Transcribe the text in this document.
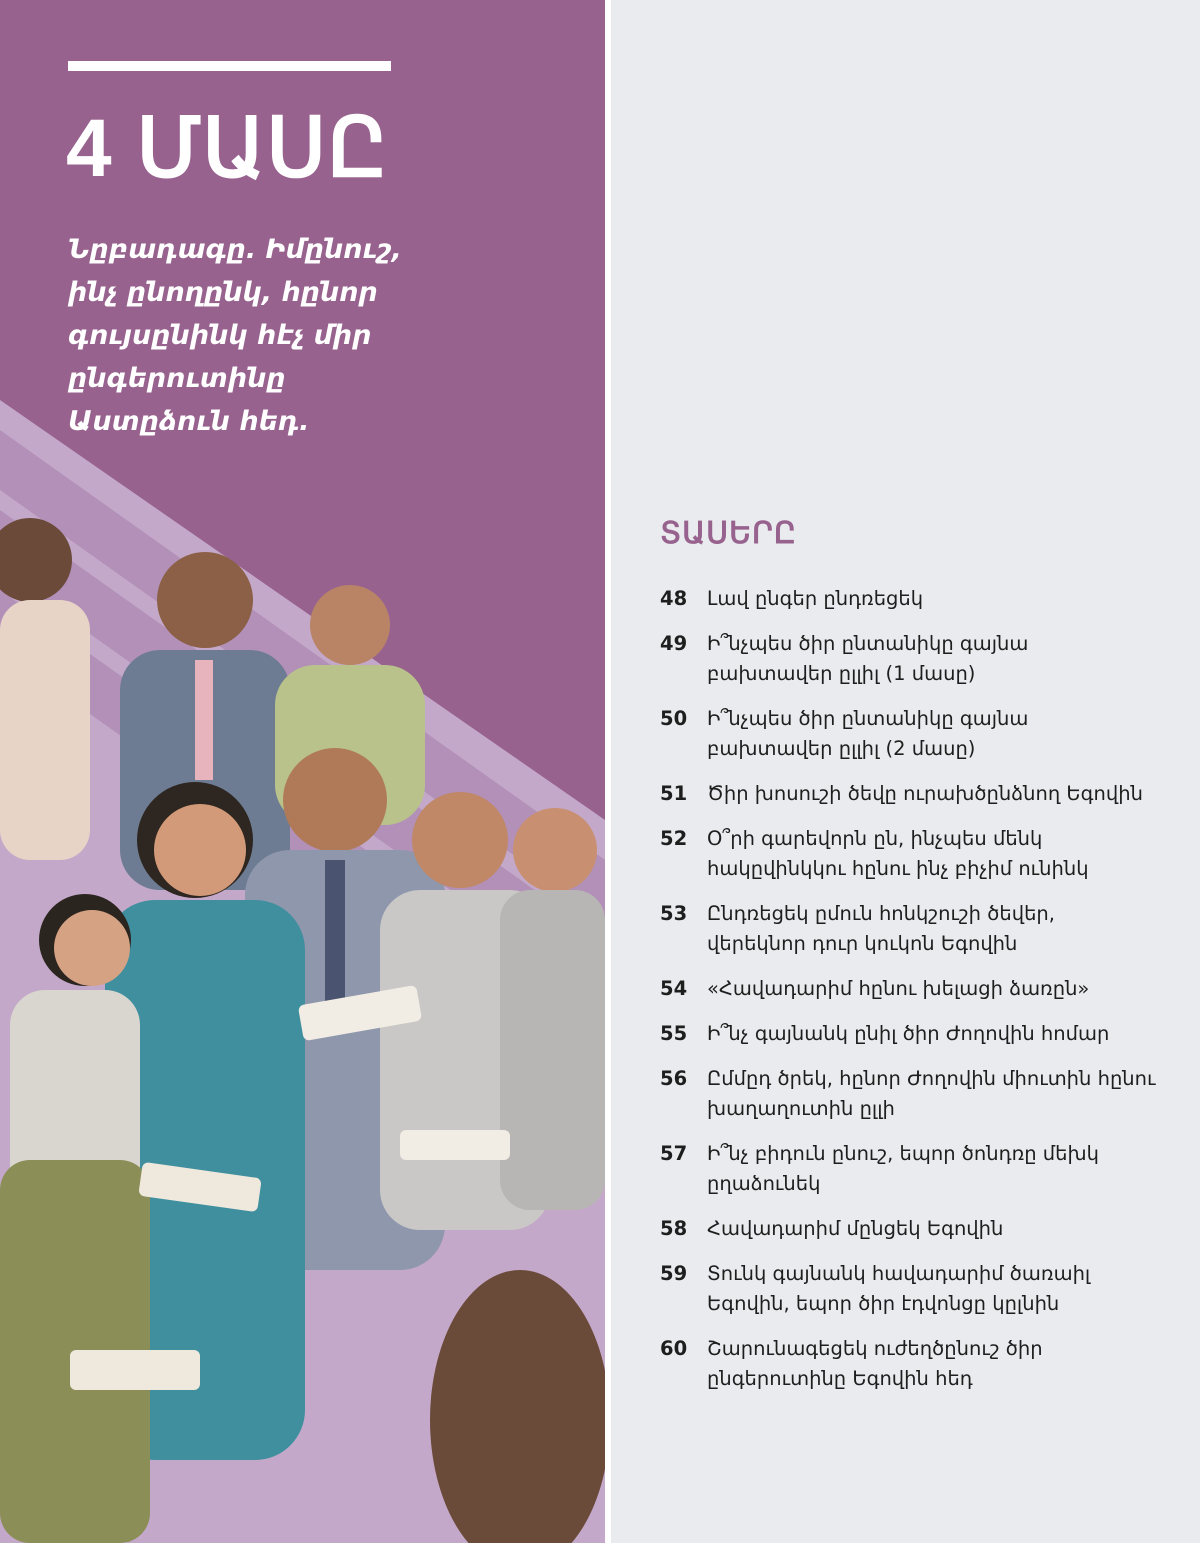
4 ՄԱՍԸ

Նըբադագը. Իմընուշ, ինչ ընողընկ, հընոր գույսընինկ հէչ միր ընգերուտինը Աստըձուն հեդ.

ՏԱՍԵՐԸ
48	Լավ ընգեր ընդռեցեկ
49	Ի՞նչպես ծիր ընտանիկը գայնա բախտավեր ըլլիլ (1 մասը)
50	Ի՞նչպես ծիր ընտանիկը գայնա բախտավեր ըլլիլ (2 մասը)
51	Ծիր խոսուշի ծեվը ուրախծընձնող Եգովին
52	Օ՞րի գարեվորն ըն, ինչպես մենկ հակըվինկկու հընու ինչ բիչիմ ունինկ
53	Ընդռեցեկ ըմուն հոնկշուշի ծեվեր, վերեկնոր դուր կուկոն Եգովին
54	«Հավադարիմ հընու խելացի ձառըն»
55	Ի՞նչ գայնանկ ընիլ ծիր Ժողովին հոմար
56	Ըմմըդ ծրեկ, հընոր Ժողովին միուտին հընու խաղաղուտին ըլլի
57	Ի՞նչ բիդուն ընուշ, եպոր ծոնդռը մեխկ ըղաձունեկ
58	Հավադարիմ մընցեկ Եգովին
59	Տունկ գայնանկ հավադարիմ ծառաիլ Եգովին, եպոր ծիր էդվոնցը կըլնին
60	Շարունագեցեկ ուժեղծընուշ ծիր ընգերուտինը Եգովին հեդ
